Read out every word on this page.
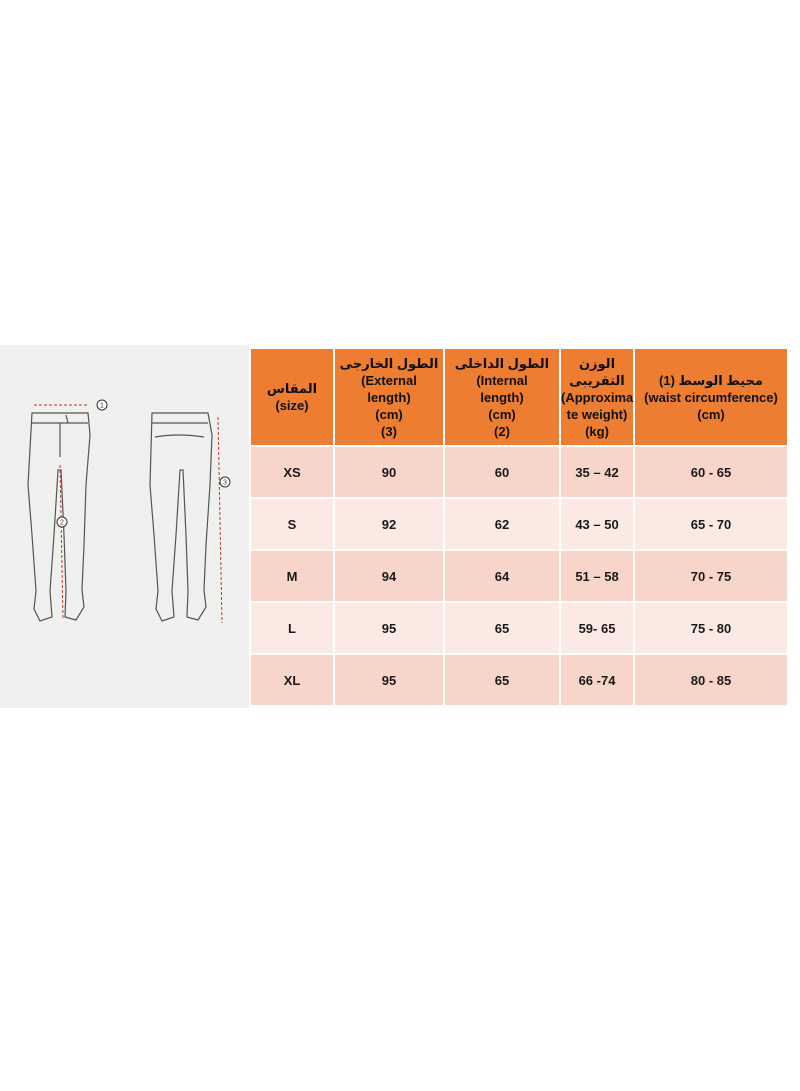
1
2
3
المقاس
(size)	الطول الخارجى
(External
length)
(cm)
(3)	الطول الداخلى
(Internal
length)
(cm)
(2)	الوزن التقريبى
(Approxima
te weight)
(kg)	محيط الوسط (1)
(waist circumference)
(cm)

XS	90	60	35 – 42	60 - 65
S	92	62	43 – 50	65 - 70
M	94	64	51 – 58	70 - 75
L	95	65	59- 65	75 - 80
XL	95	65	66 -74	80 - 85
